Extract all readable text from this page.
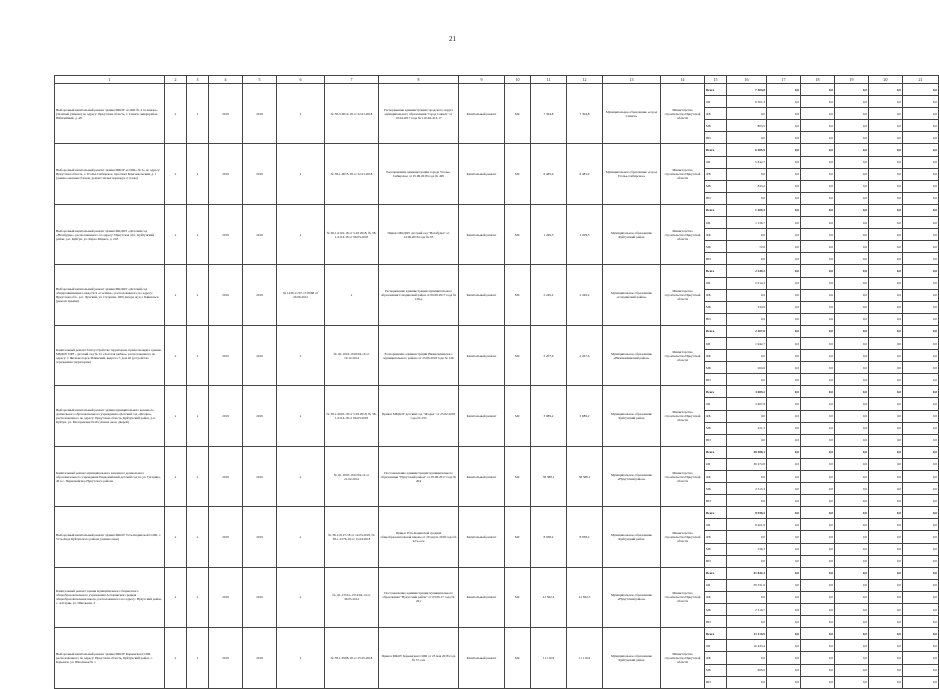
21
1	2	3	4	5	6	7	8	9	10	11	12	13	14	15	16	17	18	19	20	21
Выборочный капитальный ремонт здания МКОУ «СОШ № 3 г.Саянска» (Залитый (Замена) по адресу: Иркутская область, г. Саянск, микрорайон Юбилейный, д. 48	х	х	2019	2019	х	№ 38-3-0012-18 от 22.01.2018	Распоряжение администрации городского округа муниципального образования "город Саянск" от 10.04.2017 года № 110-46-413-17	Капитальный ремонт	МС	7 304,8	7 304,8	Муниципальное образование «город Саянск»	Министерство строительства Иркутской области	Всего	7 304,8	0,0	0,0	0,0	0,0	0,0
														ОБ	6 501,3	0,0	0,0	0,0	0,0	0,0
														ФБ	0,0	0,0	0,0	0,0	0,0	0,0
														МБ	803,5	0,0	0,0	0,0	0,0	0,0
														ВИ	0,0	0,0	0,0	0,0	0,0	0,0
Выборочный капитальный ремонт здания МБОУ «СОШ» № 5» по адресу: Иркутская область, г. Усолье-Сибирское, проспект Комсомольский, д. 1 (замена оконных блоков, ремонт малых коридора 2 этажа)	х	х	2019	2019	х	№ 38-1-0015-18 от 22.01.2018	Распоряжение администрации города Усолье-Сибирское от 25.06.2018 года № 495	Капитальный ремонт	МС	6 485,9	6 485,9	Муниципальное образование «город Усолье-Сибирское»	Министерство строительства Иркутской области	Всего	6 485,9	0,0	0,0	0,0	0,0	0,0
														ОБ	5 642,7	0,0	0,0	0,0	0,0	0,0
														ФБ	0,0	0,0	0,0	0,0	0,0	0,0
														МБ	843,2	0,0	0,0	0,0	0,0	0,0
														ВИ	0,0	0,0	0,0	0,0	0,0	0,0
Выборочный капитальный ремонт здания МКДОУ «Детский сад «Незабудка», расположенного по адресу: Иркутская обл., Куйтунский район, р.п. Куйтун, ул. Карла Маркса, д. 21Е	х	х	2019	2019	х	№ 38-1-0110-18 от 5.03.2018, № 38-1-0114-18 от 06.03.2018	Приказ МКДОУ детский сад "Незабудка" от 14.06.2018 года № 65	Капитальный ремонт	МС	1 209,3	1 209,3	Муниципальное образование Куйтунский район	Министерство строительства Иркутской области	Всего	1 209,3	0,0	0,0	0,0	0,0	0,0
														ОБ	1 136,7	0,0	0,0	0,0	0,0	0,0
														ФБ	0,0	0,0	0,0	0,0	0,0	0,0
														МБ	72,6	0,0	0,0	0,0	0,0	0,0
														ВИ	0,0	0,0	0,0	0,0	0,0	0,0
Выборочный капитальный ремонт здания МКДОУ «Детский сад общеразвивающего вида № 9 «Сосёнка», расположенного по адресу: Иркутская обл., р.п. Чунский, ул. Гагарина, 289 (литера А) в г. Байкальск (ремонт крыши)	х	х	2019	2019	№ 1436-11/97-17-0068 от 20.06.2012	х	Распоряжение администрации муниципального образования Слюдянский район от 06.06.2017 года № 136-р	Капитальный ремонт	МС	2 249,2	2 249,2	Муниципальное образование «Слюдянский район»	Министерство строительства Иркутской области	Всего	2 249,2	0,0	0,0	0,0	0,0	0,0
														ОБ	2 014,3	0,0	0,0	0,0	0,0	0,0
														ФБ	0,0	0,0	0,0	0,0	0,0	0,0
														МБ	234,9	0,0	0,0	0,0	0,0	0,0
														ВИ	0,0	0,0	0,0	0,0	0,0	0,0
Капитальный ремонт благоустройства территории, прилегающей к зданию МБДОУ ЦРР - детский сад № 12 «Золотая рыбка», расположенного по адресу: г. Железногорск-Илимский, квартал 7, дом 26 (устройство ограждения территории)	х	х	2019	2019	х	№ Д1-1016-1016/04-16 от 19.12.2014	Распоряжение администрации Нижнеилимского муниципального района от 25.06.2018 года № 146	Капитальный ремонт	МС	2 207,6	2 207,6	Муниципальное образование «Нижнеилимский район»	Министерство строительства Иркутской области	Всего	2 207,6	0,0	0,0	0,0	0,0	0,0
														ОБ	1 942,7	0,0	0,0	0,0	0,0	0,0
														ФБ	0,0	0,0	0,0	0,0	0,0	0,0
														МБ	264,9	0,0	0,0	0,0	0,0	0,0
														ВИ	0,0	0,0	0,0	0,0	0,0	0,0
Выборочный капитальный ремонт здания муниципального казенного дошкольного образовательного учреждения «Детский сад «Ягодка», расположенного по адресу: Иркутская область, Куйтунский район, р.п. Куйтун, ул. Молодежная №16 (замена окон, дверей)	х	х	2019	2019	х	№ 38-1-0010-18 от 5.03.2018, № 38-1-0114-18 от 06.03.2018	Приказ МКДОУ детский сад "Ягодка" от 25.02.2018 года № 233	Капитальный ремонт	МС	3 689,2	3 689,2	Муниципальное образование Куйтунский район	Министерство строительства Иркутской области	Всего	3 689,2	0,0	0,0	0,0	0,0	0,0
														ОБ	3 467,9	0,0	0,0	0,0	0,0	0,0
														ФБ	0,0	0,0	0,0	0,0	0,0	0,0
														МБ	221,3	0,0	0,0	0,0	0,0	0,0
														ВИ	0,0	0,0	0,0	0,0	0,0	0,0
Капитальный ремонт муниципального казенного дошкольного образовательного учреждения Первомайский детский сад по ул. Гагарина, 40 в с. Первомайское Нукутского района	х	х	2019	2019	х	№ Д1-1003-1162/04-14 от 21.02.2014	Постановление администрации муниципального образования "Нукутский район" от 05.06.2017 года № 204	Капитальный ремонт	МС	38 588,1	38 588,1	Муниципальное образование «Нукутский район»	Министерство строительства Иркутской области	Всего	38 588,1	0,0	0,0	0,0	0,0	0,0
														ОБ	36 272,8	0,0	0,0	0,0	0,0	0,0
														ФБ	0,0	0,0	0,0	0,0	0,0	0,0
														МБ	2 315,3	0,0	0,0	0,0	0,0	0,0
														ВИ	0,0	0,0	0,0	0,0	0,0	0,0
Выборочный капитальный ремонт здания МКОУ Усть-Кадинской СОШ, с. Усть-Када Куйтунского района (замена окон)	х	х	2019	2019	х	№ 38-1-0127-18 от 14.03.2018, № 38-1-0176-18 от 15.04.2018	Приказ Усть-Кадинской средней общеобразовательной школы от 20 марта 2018 года № 22/а-осн	Капитальный ремонт	МС	8 938,2	8 938,2	Муниципальное образование Куйтунский район	Министерство строительства Иркутской области	Всего	8 938,2	0,0	0,0	0,0	0,0	0,0
														ОБ	8 401,9	0,0	0,0	0,0	0,0	0,0
														ФБ	0,0	0,0	0,0	0,0	0,0	0,0
														МБ	536,3	0,0	0,0	0,0	0,0	0,0
														ВИ	0,0	0,0	0,0	0,0	0,0	0,0
Капитальный ремонт здания муниципального бюджетного общеобразовательного учреждения Алтарикская средняя общеобразовательная школа, расположенного по адресу: Нукутский район, с. Алтарик, ул. Школьная, 3	х	х	2019	2019	х	№ Д1-1374/з-1374/04-14 от 30.05.2014	Постановление администрации муниципального образования "Нукутский район" от 03.06.17 года № 201	Капитальный ремонт	МС	41 842,3	41 842,3	Муниципальное образование «Нукутский район»	Министерство строительства Иркутской области	Всего	41 842,3	0,0	0,0	0,0	0,0	0,0
														ОБ	39 331,6	0,0	0,0	0,0	0,0	0,0
														ФБ	0,0	0,0	0,0	0,0	0,0	0,0
														МБ	2 510,7	0,0	0,0	0,0	0,0	0,0
														ВИ	0,0	0,0	0,0	0,0	0,0	0,0
Выборочный капитальный ремонт здания МКОУ Карымская СОШ, расположенного по адресу: Иркутская область, Куйтунский район, с. Карымск, ул. Школьная № 1	х	х	2019	2019	х	№ 38-1-0568-18 от 25.05.2018	Приказ МКОУ Карымская СОШ от 23 мая 2018 года № 37-осн	Капитальный ремонт	МС	11 110,9	11 110,9	Муниципальное образование Куйтунский район	Министерство строительства Иркутской области	Всего	11 110,9	0,0	0,0	0,0	0,0	0,0
														ОБ	10 443,4	0,0	0,0	0,0	0,0	0,0
														ФБ	0,0	0,0	0,0	0,0	0,0	0,0
														МБ	666,6	0,0	0,0	0,0	0,0	0,0
														ВИ	0,0	0,0	0,0	0,0	0,0	0,0
